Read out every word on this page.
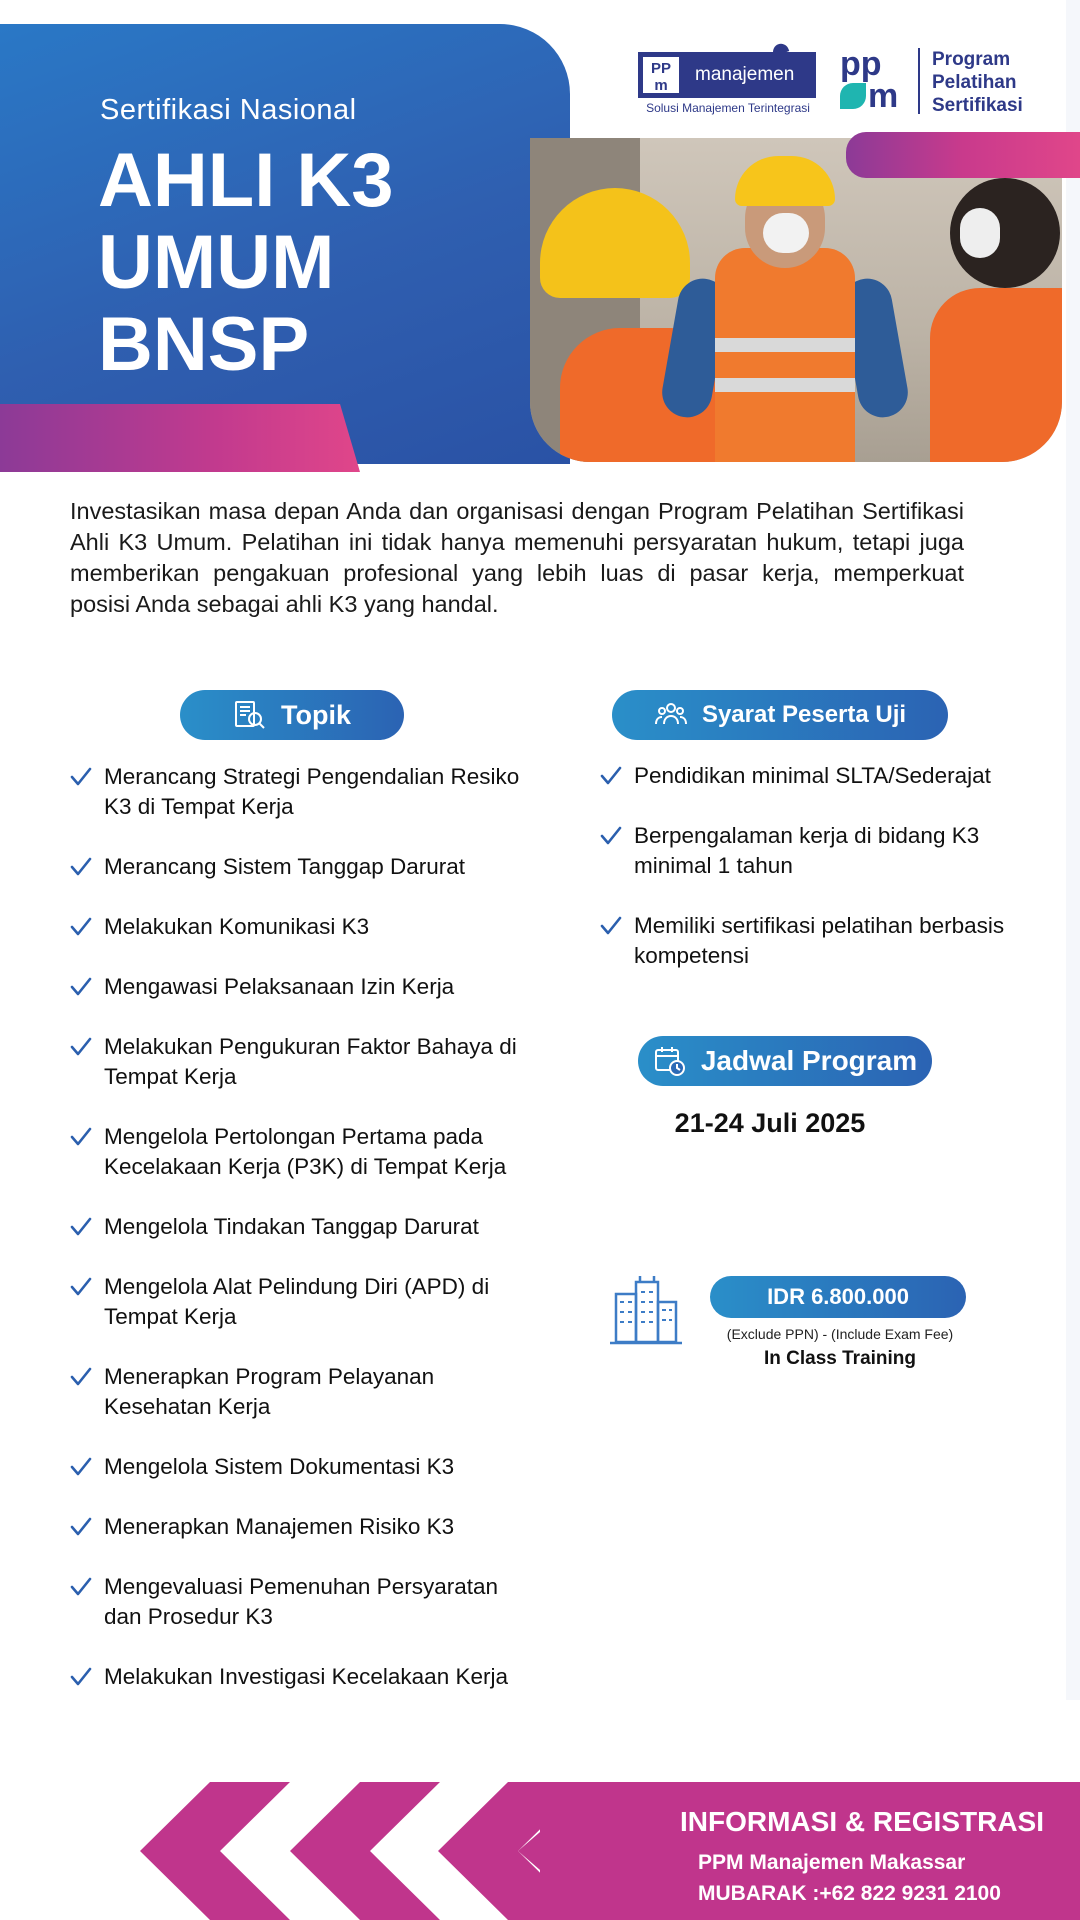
Sertifikasi Nasional
AHLI K3
UMUM
BNSP
PP
m
manajemen
Solusi Manajemen Terintegrasi
pp
m
Program
Pelatihan
Sertifikasi

Investasikan masa depan Anda dan organisasi dengan Program Pelatihan Sertifikasi Ahli K3 Umum. Pelatihan ini tidak hanya memenuhi persyaratan hukum, tetapi juga memberikan pengakuan profesional yang lebih luas di pasar kerja, memperkuat posisi Anda sebagai ahli K3 yang handal.

Topik
Merancang Strategi Pengendalian Resiko K3 di Tempat Kerja
Merancang Sistem Tanggap Darurat
Melakukan Komunikasi K3
Mengawasi Pelaksanaan Izin Kerja
Melakukan Pengukuran Faktor Bahaya di Tempat Kerja
Mengelola Pertolongan Pertama pada Kecelakaan Kerja (P3K) di Tempat Kerja
Mengelola Tindakan Tanggap Darurat
Mengelola Alat Pelindung Diri (APD) di Tempat Kerja
Menerapkan Program Pelayanan Kesehatan Kerja
Mengelola Sistem Dokumentasi K3
Menerapkan Manajemen Risiko K3
Mengevaluasi Pemenuhan Persyaratan dan Prosedur K3
Melakukan Investigasi Kecelakaan Kerja
Syarat Peserta Uji
Pendidikan minimal SLTA/Sederajat
Berpengalaman kerja di bidang K3 minimal 1 tahun
Memiliki sertifikasi pelatihan berbasis kompetensi
Jadwal Program
21-24 Juli 2025
IDR 6.800.000
(Exclude PPN) - (Include Exam Fee)
In Class Training
INFORMASI & REGISTRASI
PPM Manajemen Makassar
MUBARAK :+62 822 9231 2100
